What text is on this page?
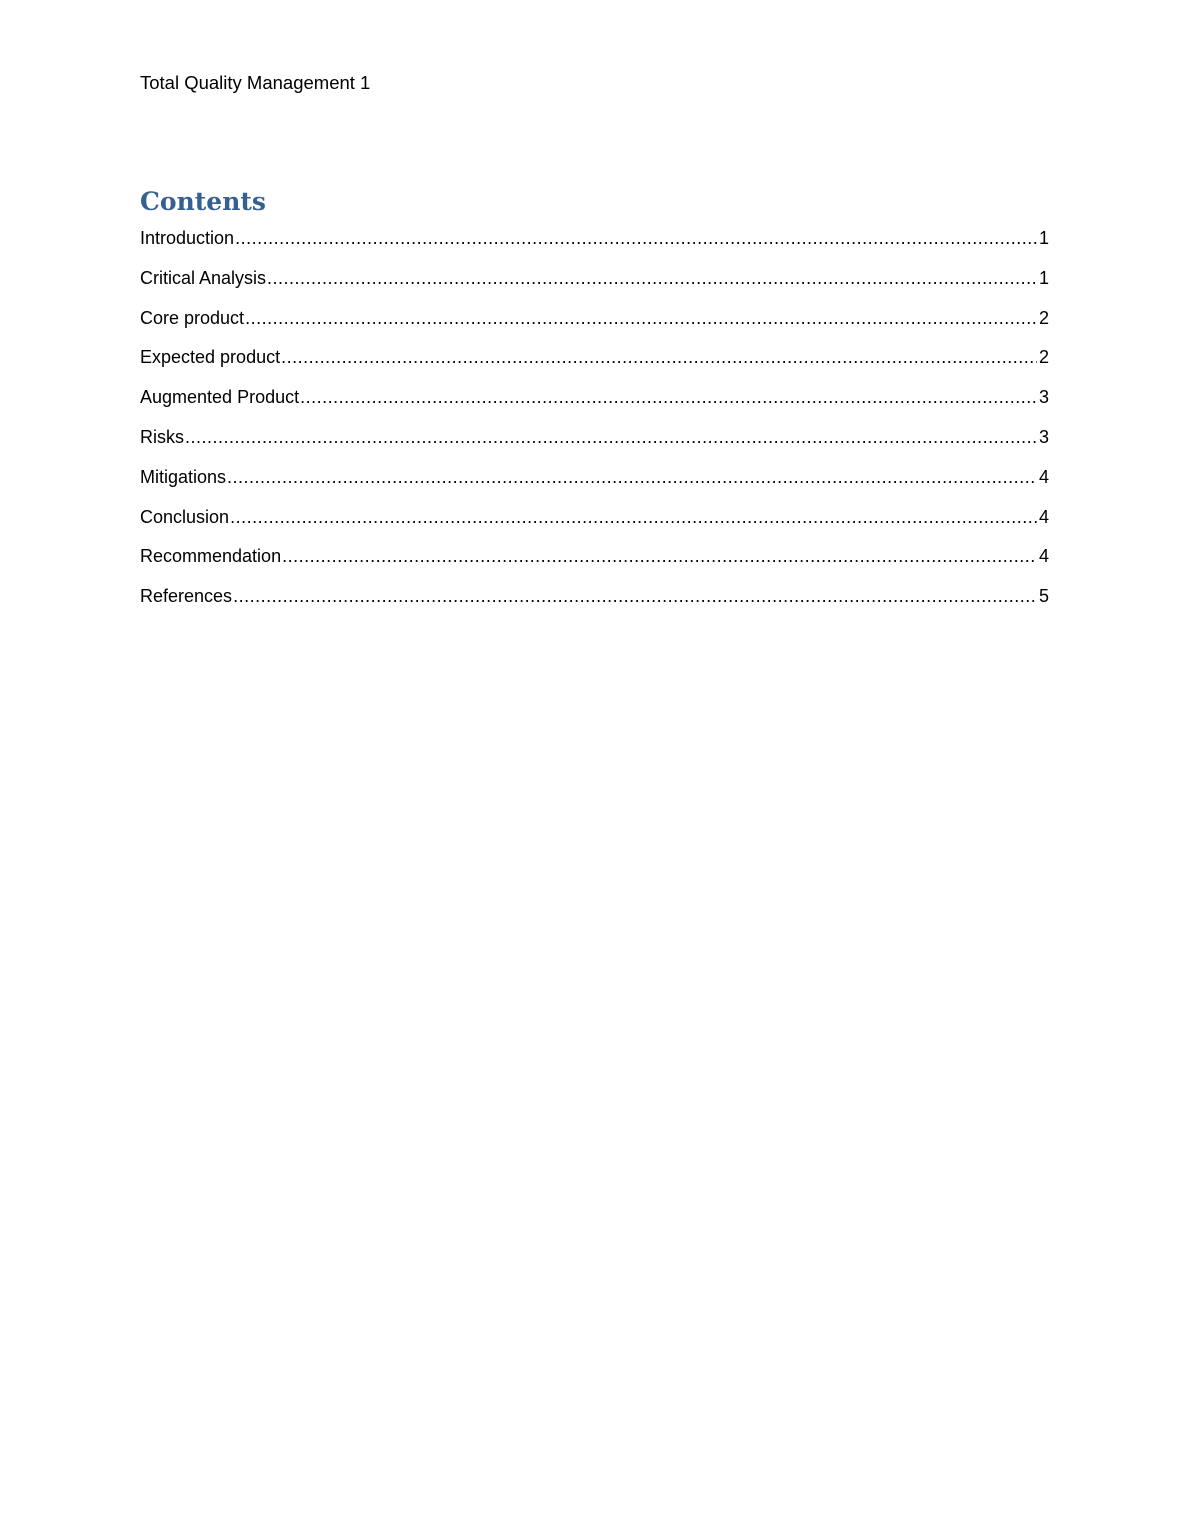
Total Quality Management 1
Contents
Introduction .....	1
Critical Analysis .....	1
Core product .....	2
Expected product .....	2
Augmented Product .....	3
Risks .....	3
Mitigations .....	4
Conclusion .....	4
Recommendation .....	4
References .....	5
